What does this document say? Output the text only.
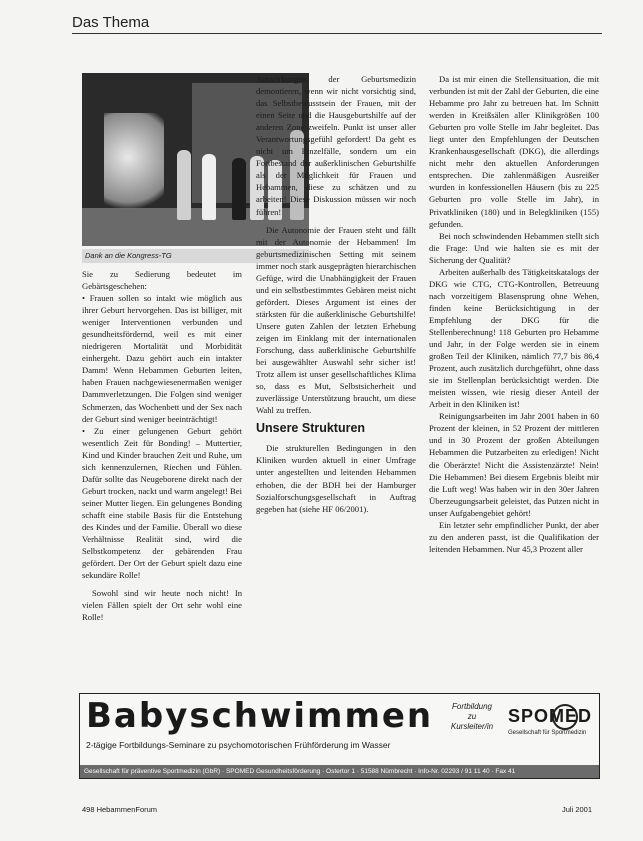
Das Thema
Dank an die Kongress-TG

Sie zu Sedierung bedeutet im Gebärtsgeschehen:

• Frauen sollen so intakt wie möglich aus ihrer Geburt hervorgehen. Das ist billiger, mit weniger Interventionen verbunden und gesundheitsfördernd, weil es mit einer niedrigeren Mortalität und Morbidität einhergeht. Dazu gehört auch ein intakter Damm! Wenn Hebammen Geburten leiten, haben Frauen nachgewiesenermaßen weniger Dammverletzungen. Die Folgen sind weniger Schmerzen, das Wochenbett und der Sex nach der Geburt sind weniger beeinträchtigt!

• Zu einer gelungenen Geburt gehört wesentlich Zeit für Bonding! – Muttertier, Kind und Kinder brauchen Zeit und Ruhe, um sich kennenzulernen, Riechen und Fühlen. Dafür sollte das Neugeborene direkt nach der Geburt trocken, nackt und warm angelegt! Bei seiner Mutter liegen. Ein gelungenes Bonding schafft eine stabile Basis für die Entstehung des Kindes und der Familie. Überall wo diese Verhältnisse Realität sind, wird die Selbstkompetenz der gebärenden Frau gefördert. Der Ort der Geburt spielt dazu eine sekundäre Rolle!

Sowohl sind wir heute noch nicht! In vielen Fällen spielt der Ort sehr wohl eine Rolle!

Auswirkungen der Geburtsmedizin demontieren, wenn wir nicht vorsichtig sind, das Selbstbewusstsein der Frauen, mit der einen Seite und die Hausgeburtshilfe auf der anderen Zone zweifeln. Punkt ist unser aller Verantwortungsgefühl gefordert! Da geht es nicht um Einzelfälle, sondern um ein Fortbestand der außerklinischen Geburtshilfe als der Möglichkeit für Frauen und Hebammen, diese zu schätzen und zu arbeiten! Diese Diskussion müssen wir noch führen!

Die Autonomie der Frauen steht und fällt mit der Autonomie der Hebammen! Im geburtsmedizinischen Setting mit seinem immer noch stark ausgeprägten hierarchischen Gefüge, wird die Unabhängigkeit der Frauen und ein selbstbestimmtes Gebären meist nicht gefördert. Dieses Argument ist eines der stärksten für die außerklinische Geburtshilfe! Unsere guten Zahlen der letzten Erhebung zeigen im Einklang mit der internationalen Forschung, dass außerklinische Geburtshilfe bei ausgewählter Auswahl sehr sicher ist! Trotz allem ist unser gesellschaftliches Klima so, dass es Mut, Selbstsicherheit und zuverlässige Unterstützung braucht, um diese Wahl zu treffen.

Unsere Strukturen

Die strukturellen Bedingungen in den Kliniken wurden aktuell in einer Umfrage unter angestellten und leitenden Hebammen erhoben, die der BDH bei der Hamburger Sozialforschungsgesellschaft in Auftrag gegeben hat (siehe HF 06/2001).

Da ist mir einen die Stellensituation, die mit verbunden ist mit der Zahl der Geburten, die eine Hebamme pro Jahr zu betreuen hat. Im Schnitt werden in Kreißsälen aller Klinikgrößen 100 Geburten pro volle Stelle im Jahr begleitet. Das liegt unter den Empfehlungen der Deutschen Krankenhausgesellschaft (DKG), die allerdings nicht mehr den aktuellen Anforderungen entsprechen. Die zahlenmäßigen Ausreißer wurden in konfessionellen Häusern (bis zu 225 Geburten pro volle Stelle im Jahr), in Privatkliniken (180) und in Belegkliniken (155) gefunden.

Bei noch schwindenden Hebammen stellt sich die Frage: Und wie halten sie es mit der Sicherung der Qualität?

Arbeiten außerhalb des Tätigkeitskatalogs der DKG wie CTG, CTG-Kontrollen, Betreuung nach vorzeitigem Blasensprung ohne Wehen, finden keine Berücksichtigung in der Empfehlung der DKG für die Stellenberechnung! 118 Geburten pro Hebamme und Jahr, in der Folge werden sie in einem großen Teil der Kliniken, nämlich 77,7 bis 86,4 Prozent, auch zusätzlich durchgeführt, ohne dass sie im Stellenplan berücksichtigt werden. Die meisten wissen, wie riesig dieser Anteil der Arbeit in den Kliniken ist!

Reinigungsarbeiten im Jahr 2001 haben in 60 Prozent der kleinen, in 52 Prozent der mittleren und in 30 Prozent der großen Abteilungen Hebammen die Putzarbeiten zu erledigen! Nicht die Oberärzte! Nicht die Assistenzärzte! Nein! Die Hebammen! Bei diesem Ergebnis bleibt mir die Luft weg! Was haben wir in den 30er Jahren Überzeugungsarbeit geleistet, das Putzen nicht in unser Aufgabengebiet gehört!

Ein letzter sehr empfindlicher Punkt, der aber zu den anderen passt, ist die Qualifikation der leitenden Hebammen. Nur 45,3 Prozent aller

Babyschwimmen
2-tägige Fortbildungs-Seminare zu psychomotorischen Frühförderung im Wasser
Fortbildung
zu
Kursleiter/in
SPOMED
Gesellschaft für Sportmedizin
Gesellschaft für präventive Sportmedizin (GbR) · SPOMED Gesundheitsförderung · Ostertor 1 · 51588 Nümbrecht · Info-Nr. 02293 / 91 11 40 · Fax 41
498 HebammenForum	Juli 2001
